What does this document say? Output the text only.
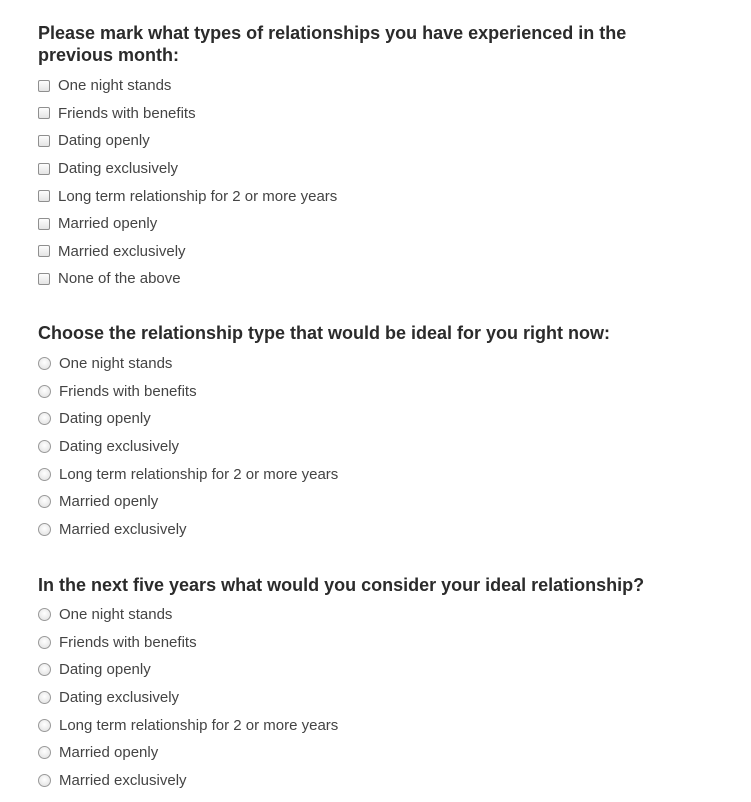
Please mark what types of relationships you have experienced in the previous month:
One night stands
Friends with benefits
Dating openly
Dating exclusively
Long term relationship for 2 or more years
Married openly
Married exclusively
None of the above
Choose the relationship type that would be ideal for you right now:
One night stands
Friends with benefits
Dating openly
Dating exclusively
Long term relationship for 2 or more years
Married openly
Married exclusively
In the next five years what would you consider your ideal relationship?
One night stands
Friends with benefits
Dating openly
Dating exclusively
Long term relationship for 2 or more years
Married openly
Married exclusively
